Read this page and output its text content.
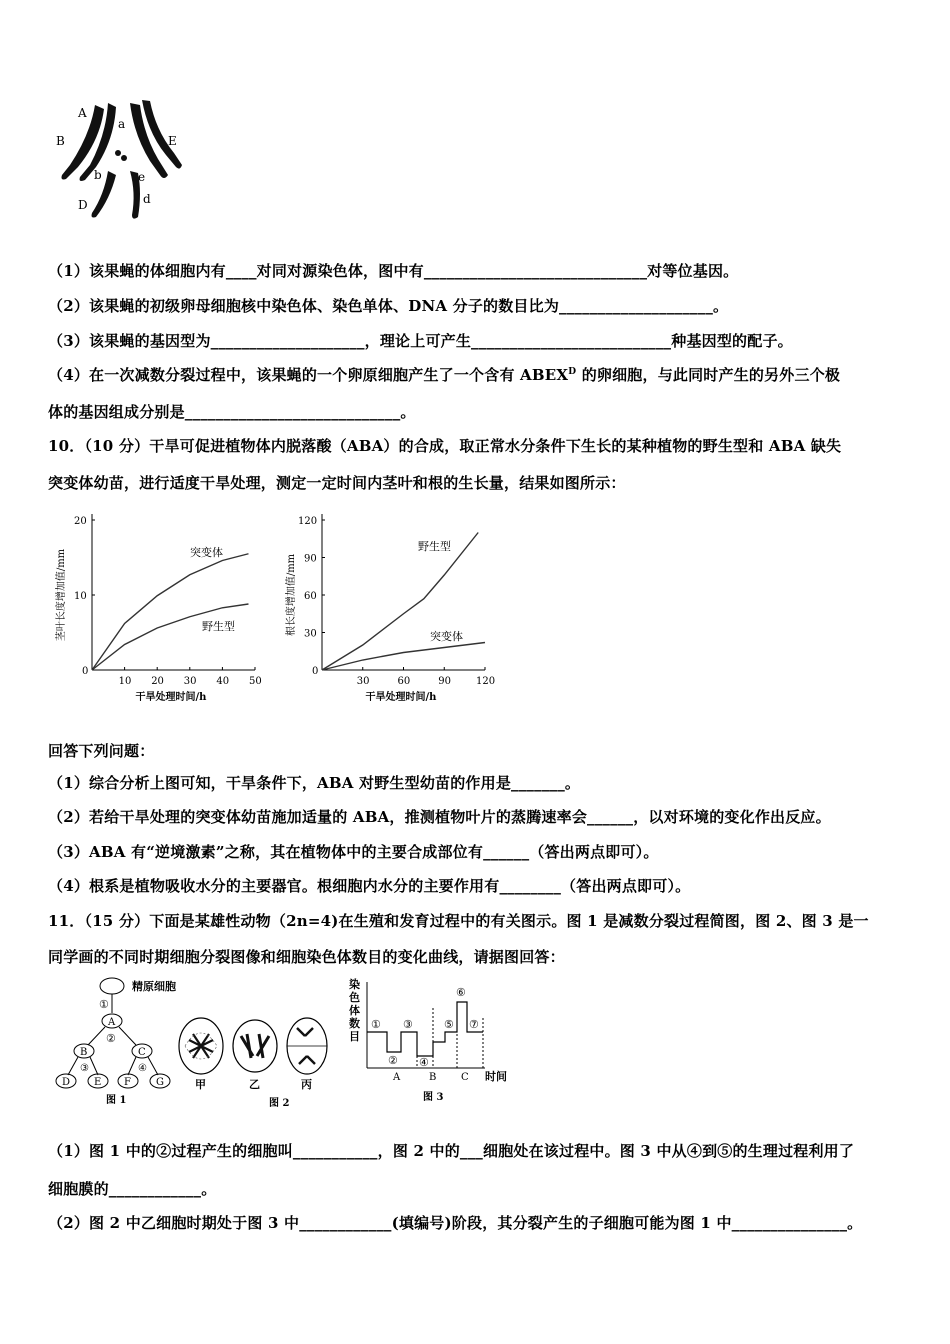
A
a
B	E
b	e
D	d
（1）该果蝇的体细胞内有____对同对源染色体，图中有_____________________________对等位基因。
（2）该果蝇的初级卵母细胞核中染色体、染色单体、DNA 分子的数目比为____________________。
（3）该果蝇的基因型为____________________，理论上可产生__________________________种基因型的配子。
（4）在一次减数分裂过程中，该果蝇的一个卵原细胞产生了一个含有 $ABEX^D$ 的卵细胞，与此同时产生的另外三个极
体的基因组成分别是____________________________。
10．（10 分）干旱可促进植物体内脱落酸（ABA）的合成，取正常水分条件下生长的某种植物的野生型和 ABA 缺失
突变体幼苗，进行适度干旱处理，测定一定时间内茎叶和根的生长量，结果如图所示：
0
10 20 30 40 50
10
20
干旱处理时间/h
茎叶长度增加值/mm	突变体
野生型
0
30	60	90	120
30
60
90
120
干旱处理时间/h
根长度增加值/mm
野生型
突变体
回答下列问题：
（1）综合分析上图可知，干旱条件下，ABA 对野生型幼苗的作用是_______。
（2）若给干旱处理的突变体幼苗施加适量的 ABA，推测植物叶片的蒸腾速率会______，以对环境的变化作出反应。
（3）ABA 有“逆境激素”之称，其在植物体中的主要合成部位有______（答出两点即可）。
（4）根系是植物吸收水分的主要器官。根细胞内水分的主要作用有________（答出两点即可）。
11．（15 分）下面是某雄性动物（2n=4)在生殖和发育过程中的有关图示。图 1 是减数分裂过程简图，图 2、图 3 是一
同学画的不同时期细胞分裂图像和细胞染色体数目的变化曲线，请据图回答：
精原细胞
①
A
②
B	C
③	④
D E F	G
图 1
甲	乙	丙
图 2
染色体数目
①
②
③
④
⑤
⑥
⑦
A	B C 时间
图 3
（1）图 1 中的②过程产生的细胞叫___________，图 2 中的___细胞处在该过程中。图 3 中从④到⑤的生理过程利用了
细胞膜的____________。
（2）图 2 中乙细胞时期处于图 3 中____________(填编号)阶段，其分裂产生的子细胞可能为图 1 中_______________。
